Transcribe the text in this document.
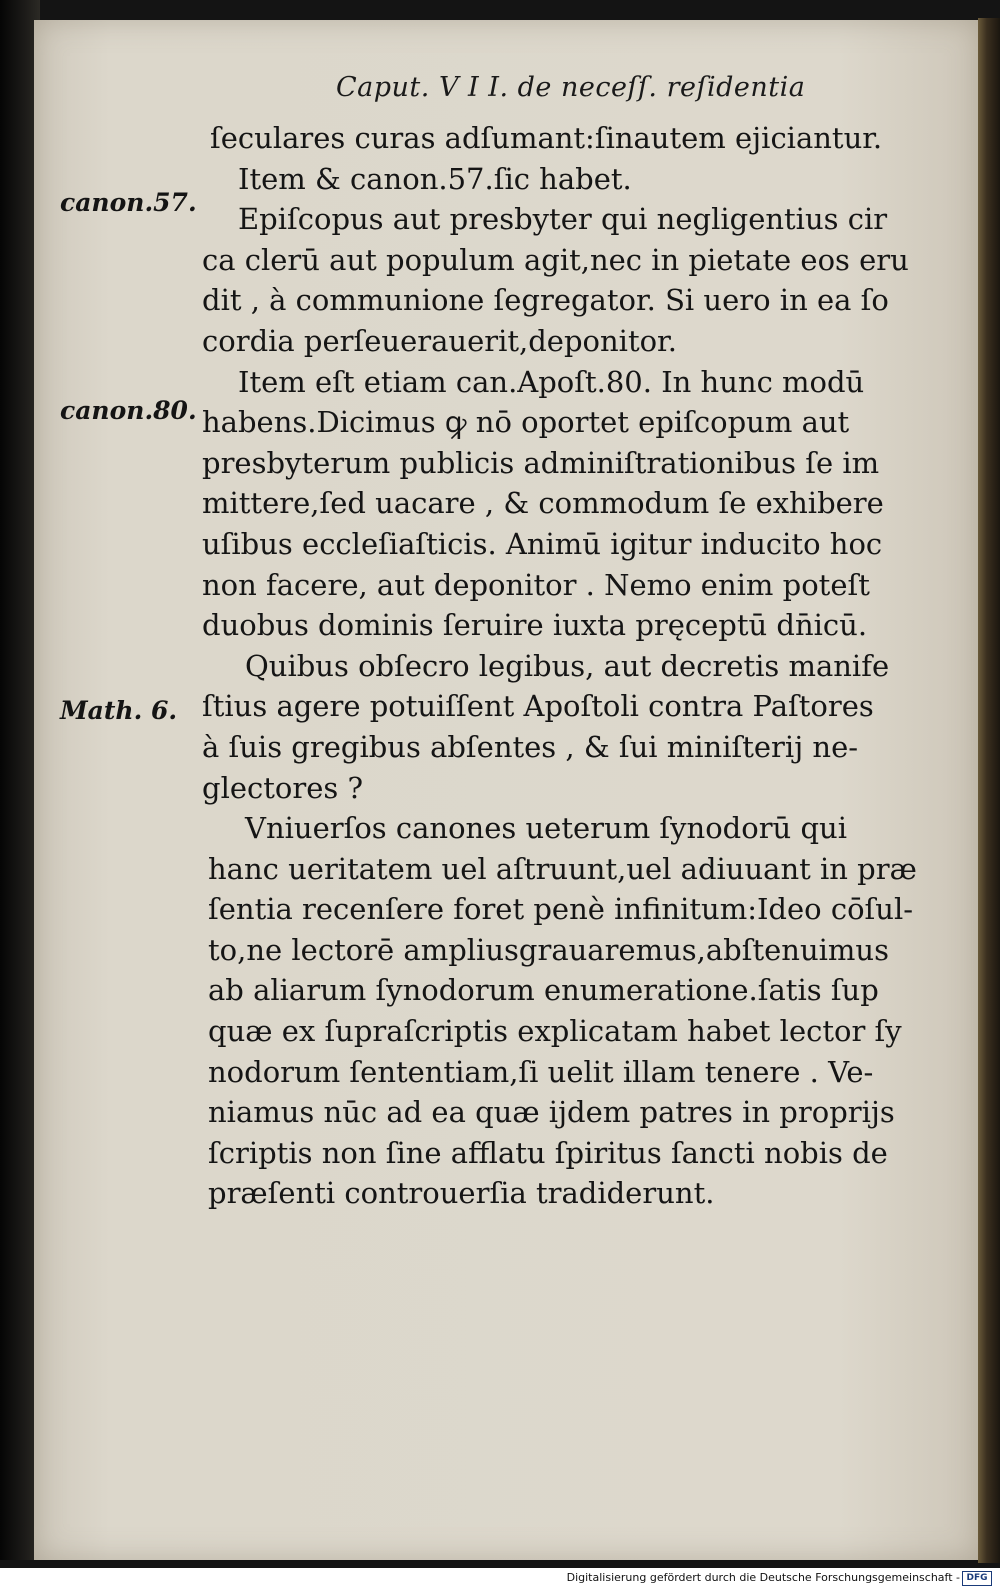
Caput. V I I. de neceſſ. reſidentia
canon.57.
canon.80.
Math. 6.
ſeculares curas adſumant:ſinautem ejiciantur.
Item & canon.57.ſic habet.
Epiſcopus aut presbyter qui negligentius cir
ca clerū aut populum agit,nec in pietate eos eru
dit , à communione ſegregator. Si uero in ea ſo
cordia perſeuerauerit,deponitor.
Item eſt etiam can.Apoſt.80. In hunc modū
habens.Dicimus ꝙ nō oportet epiſcopum aut
presbyterum publicis adminiſtrationibus ſe im
mittere,ſed uacare , & commodum ſe exhibere
uſibus eccleſiaſticis. Animū igitur inducito hoc
non facere, aut deponitor . Nemo enim poteſt
duobus dominis ſeruire iuxta pręceptū dn̄icū.
Quibus obſecro legibus, aut decretis manife
ſtius agere potuiſſent Apoſtoli contra Paſtores
à ſuis gregibus abſentes , & ſui miniſterij ne-
glectores ?
Vniuerſos canones ueterum ſynodorū qui
hanc ueritatem uel aſtruunt,uel adiuuant in præ
ſentia recenſere foret penè infinitum:Ideo cōſul-
to,ne lectorē ampliusgrauaremus,abſtenuimus
ab aliarum ſynodorum enumeratione.ſatis ſup
quæ ex ſupraſcriptis explicatam habet lector ſy
nodorum ſententiam,ſi uelit illam tenere . Ve-
niamus nūc ad ea quæ ijdem patres in proprijs
ſcriptis non ſine afflatu ſpiritus ſancti nobis de
præſenti controuerſia tradiderunt.
Digitalisierung gefördert durch die Deutsche Forschungsgemeinschaft - DFG
